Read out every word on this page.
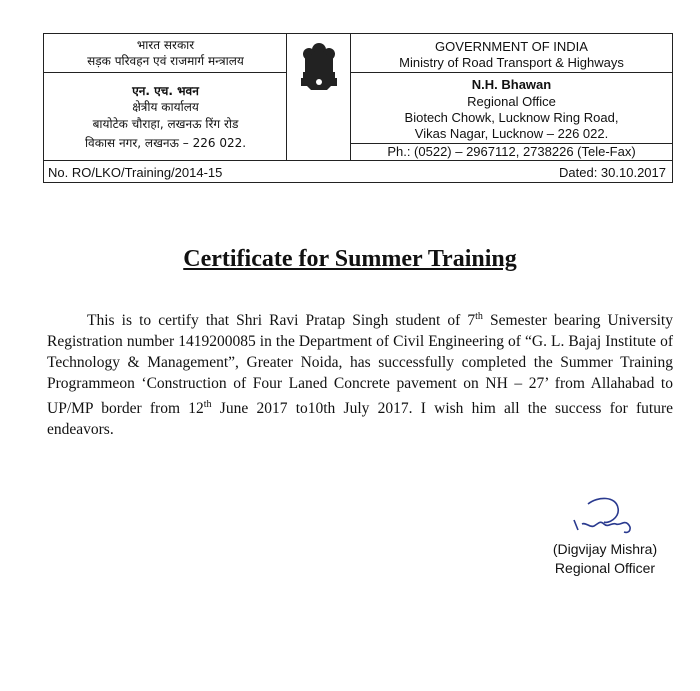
भारत सरकार
सड़क परिवहन एवं राजमार्ग मन्त्रालय
एन. एच. भवन
क्षेत्रीय कार्यालय
बायोटेक चौराहा, लखनऊ रिंग रोड
विकास नगर, लखनऊ – 226 022.
GOVERNMENT OF INDIA
Ministry of Road Transport & Highways
N.H. Bhawan
Regional Office
Biotech Chowk, Lucknow Ring Road,
Vikas Nagar, Lucknow – 226 022.
Ph.: (0522) – 2967112, 2738226 (Tele-Fax)
No. RO/LKO/Training/2014-15	Dated: 30.10.2017
Certificate for Summer Training

This is to certify that Shri Ravi Pratap Singh student of 7th Semester bearing University Registration number 1419200085 in the Department of Civil Engineering of “G. L. Bajaj Institute of Technology & Management”, Greater Noida, has successfully completed the Summer Training Programmeon ‘Construction of Four Laned Concrete pavement on NH – 27’ from Allahabad to UP/MP border from 12th June 2017 to10th July 2017. I wish him all the success for future endeavors.

(Digvijay Mishra)
Regional Officer
